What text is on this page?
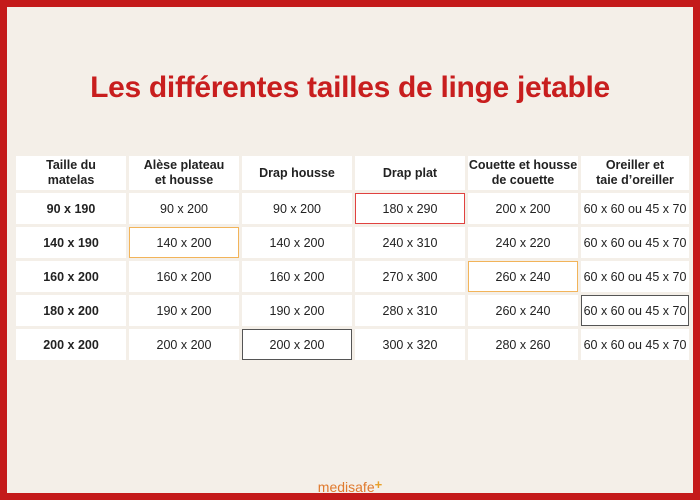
Les différentes tailles de linge jetable
Taille du matelas	Alèse plateau et housse	Drap housse	Drap plat	Couette et housse de couette	Oreiller et taie d’oreiller
90 x 190	90 x 200	90 x 200	180 x 290	200 x 200	60 x 60 ou 45 x 70
140 x 190	140 x 200	140 x 200	240 x 310	240 x 220	60 x 60 ou 45 x 70
160 x 200	160 x 200	160 x 200	270 x 300	260 x 240	60 x 60 ou 45 x 70
180 x 200	190 x 200	190 x 200	280 x 310	260 x 240	60 x 60 ou 45 x 70
200 x 200	200 x 200	200 x 200	300 x 320	280 x 260	60 x 60 ou 45 x 70
medisafe+
